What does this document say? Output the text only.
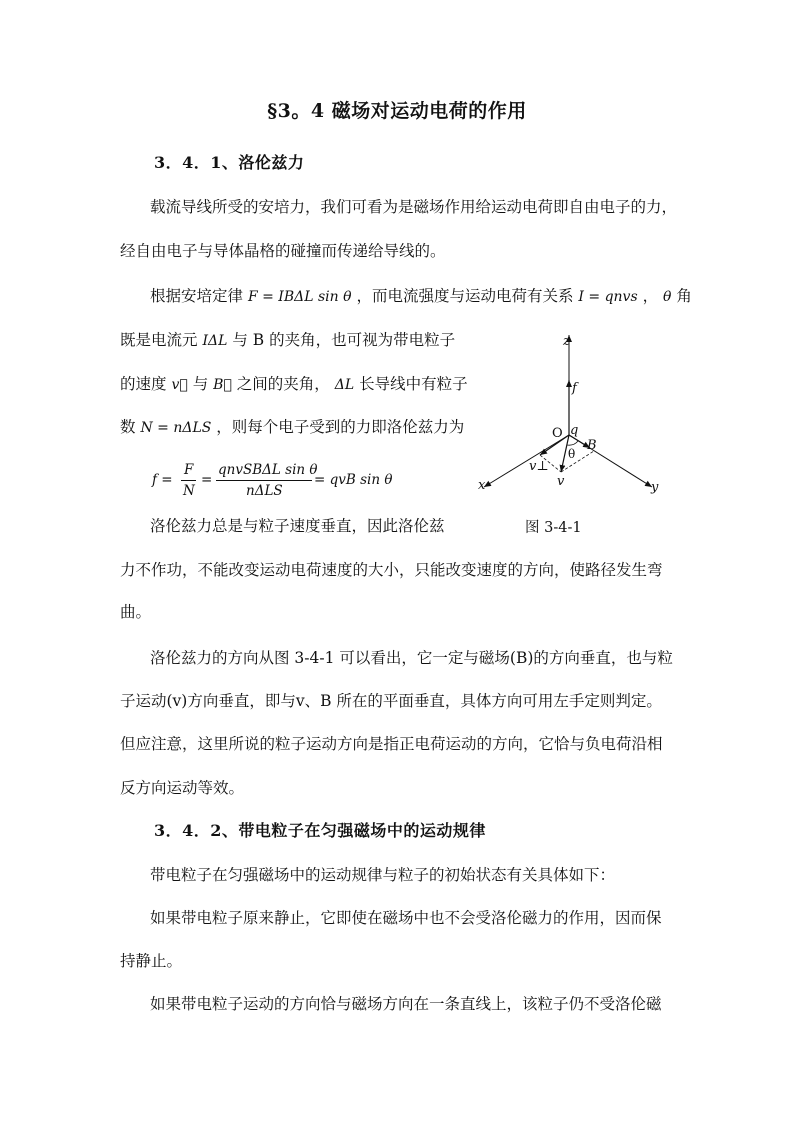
§3。4 磁场对运动电荷的作用
3．4．1、洛伦兹力
载流导线所受的安培力，我们可看为是磁场作用给运动电荷即自由电子的力，
经自由电子与导体晶格的碰撞而传递给导线的。
根据安培定律 F = IBΔL sin θ ，而电流强度与运动电荷有关系 I = qnvs ， θ 角
既是电流元 IΔL 与 B 的夹角，也可视为带电粒子
的速度 v⃗ 与 B⃗ 之间的夹角， ΔL 长导线中有粒子
数 N = nΔLS ，则每个电子受到的力即洛伦兹力为
f =
F
N
=
qnvSBΔL sin θ
nΔLS
= qvB sin θ
z
f
O q
B
θ
v⊥
v
x	y
图 3-4-1
洛伦兹力总是与粒子速度垂直，因此洛伦兹
力不作功，不能改变运动电荷速度的大小，只能改变速度的方向，使路径发生弯
曲。
洛伦兹力的方向从图 3-4-1 可以看出，它一定与磁场(B)的方向垂直，也与粒
子运动(v)方向垂直，即与v、B 所在的平面垂直，具体方向可用左手定则判定。
但应注意，这里所说的粒子运动方向是指正电荷运动的方向，它恰与负电荷沿相
反方向运动等效。
3．4．2、带电粒子在匀强磁场中的运动规律
带电粒子在匀强磁场中的运动规律与粒子的初始状态有关具体如下：
如果带电粒子原来静止，它即使在磁场中也不会受洛伦磁力的作用，因而保
持静止。
如果带电粒子运动的方向恰与磁场方向在一条直线上，该粒子仍不受洛伦磁
